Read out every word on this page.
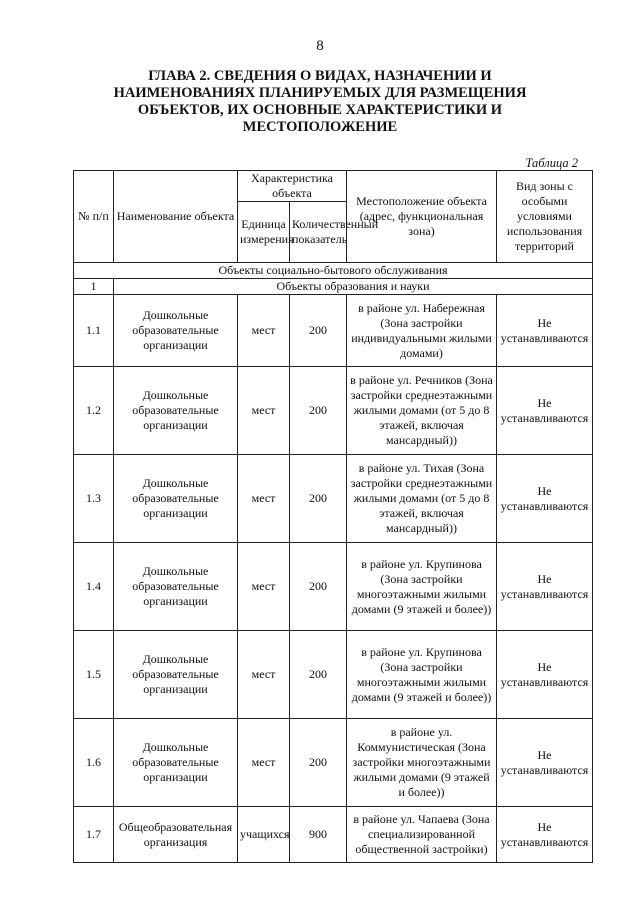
8
ГЛАВА 2. СВЕДЕНИЯ О ВИДАХ, НАЗНАЧЕНИИ И НАИМЕНОВАНИЯХ ПЛАНИРУЕМЫХ ДЛЯ РАЗМЕЩЕНИЯ ОБЪЕКТОВ, ИХ ОСНОВНЫЕ ХАРАКТЕРИСТИКИ И МЕСТОПОЛОЖЕНИЕ
Таблица 2
№ п/п	Наименование объекта	Характеристика объекта		Местоположение объекта (адрес, функциональная зона)	Вид зоны с особыми условиями использования территорий
		Единица измерения	Количественный показатель		
Объекты социально-бытового обслуживания					
1	Объекты образования и науки				
1.1	Дошкольные образовательные организации	мест	200	в районе ул. Набережная (Зона застройки индивидуальными жилыми домами)	Не устанавливаются
1.2	Дошкольные образовательные организации	мест	200	в районе ул. Речников (Зона застройки среднеэтажными жилыми домами (от 5 до 8 этажей, включая мансардный))	Не устанавливаются
1.3	Дошкольные образовательные организации	мест	200	в районе ул. Тихая (Зона застройки среднеэтажными жилыми домами (от 5 до 8 этажей, включая мансардный))	Не устанавливаются
1.4	Дошкольные образовательные организации	мест	200	в районе ул. Крупинова (Зона застройки многоэтажными жилыми домами (9 этажей и более))	Не устанавливаются
1.5	Дошкольные образовательные организации	мест	200	в районе ул. Крупинова (Зона застройки многоэтажными жилыми домами (9 этажей и более))	Не устанавливаются
1.6	Дошкольные образовательные организации	мест	200	в районе ул. Коммунистическая (Зона застройки многоэтажными жилыми домами (9 этажей и более))	Не устанавливаются
1.7	Общеобразовательная организация	учащихся	900	в районе ул. Чапаева (Зона специализированной общественной застройки)	Не устанавливаются
